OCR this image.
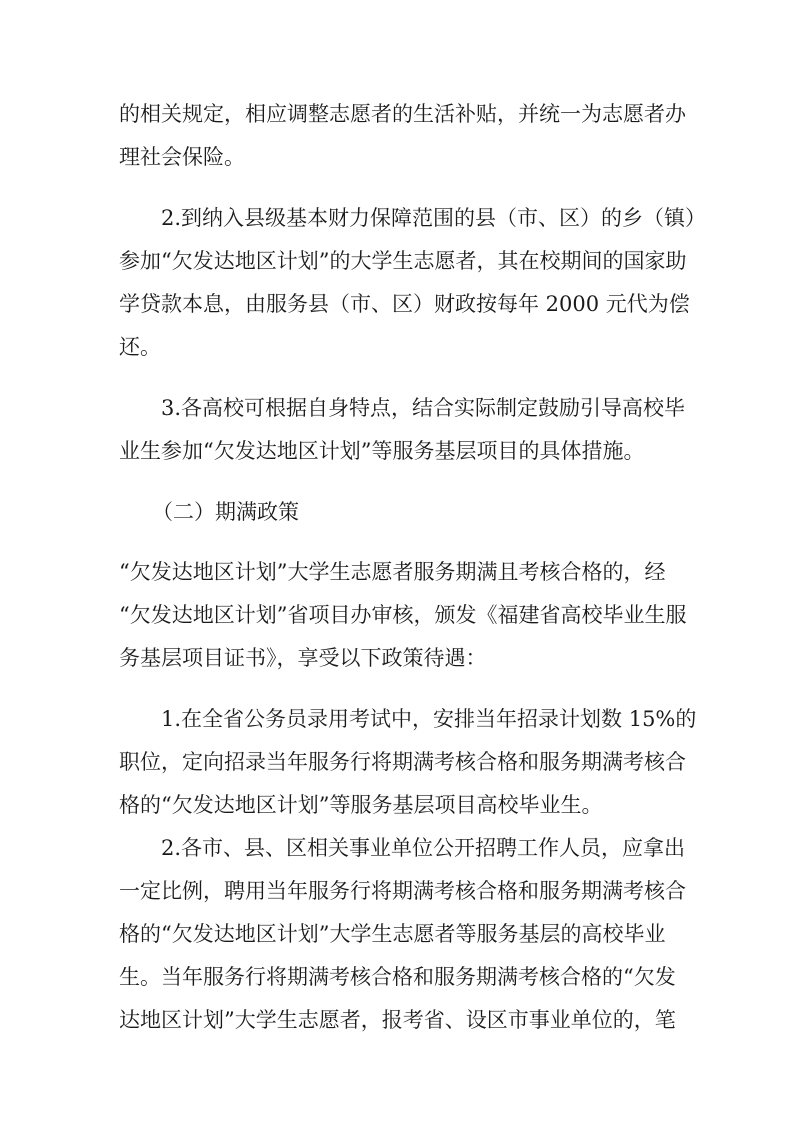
的相关规定，相应调整志愿者的生活补贴，并统一为志愿者办
理社会保险。
2.到纳入县级基本财力保障范围的县（市、区）的乡（镇）
参加“欠发达地区计划”的大学生志愿者，其在校期间的国家助
学贷款本息，由服务县（市、区）财政按每年 2000 元代为偿
还。
3.各高校可根据自身特点，结合实际制定鼓励引导高校毕
业生参加“欠发达地区计划”等服务基层项目的具体措施。
（二）期满政策
“欠发达地区计划”大学生志愿者服务期满且考核合格的，经
“欠发达地区计划”省项目办审核，颁发《福建省高校毕业生服
务基层项目证书》，享受以下政策待遇：
1.在全省公务员录用考试中，安排当年招录计划数 15%的
职位，定向招录当年服务行将期满考核合格和服务期满考核合
格的“欠发达地区计划”等服务基层项目高校毕业生。
2.各市、县、区相关事业单位公开招聘工作人员，应拿出
一定比例，聘用当年服务行将期满考核合格和服务期满考核合
格的“欠发达地区计划”大学生志愿者等服务基层的高校毕业
生。当年服务行将期满考核合格和服务期满考核合格的“欠发
达地区计划”大学生志愿者，报考省、设区市事业单位的，笔
